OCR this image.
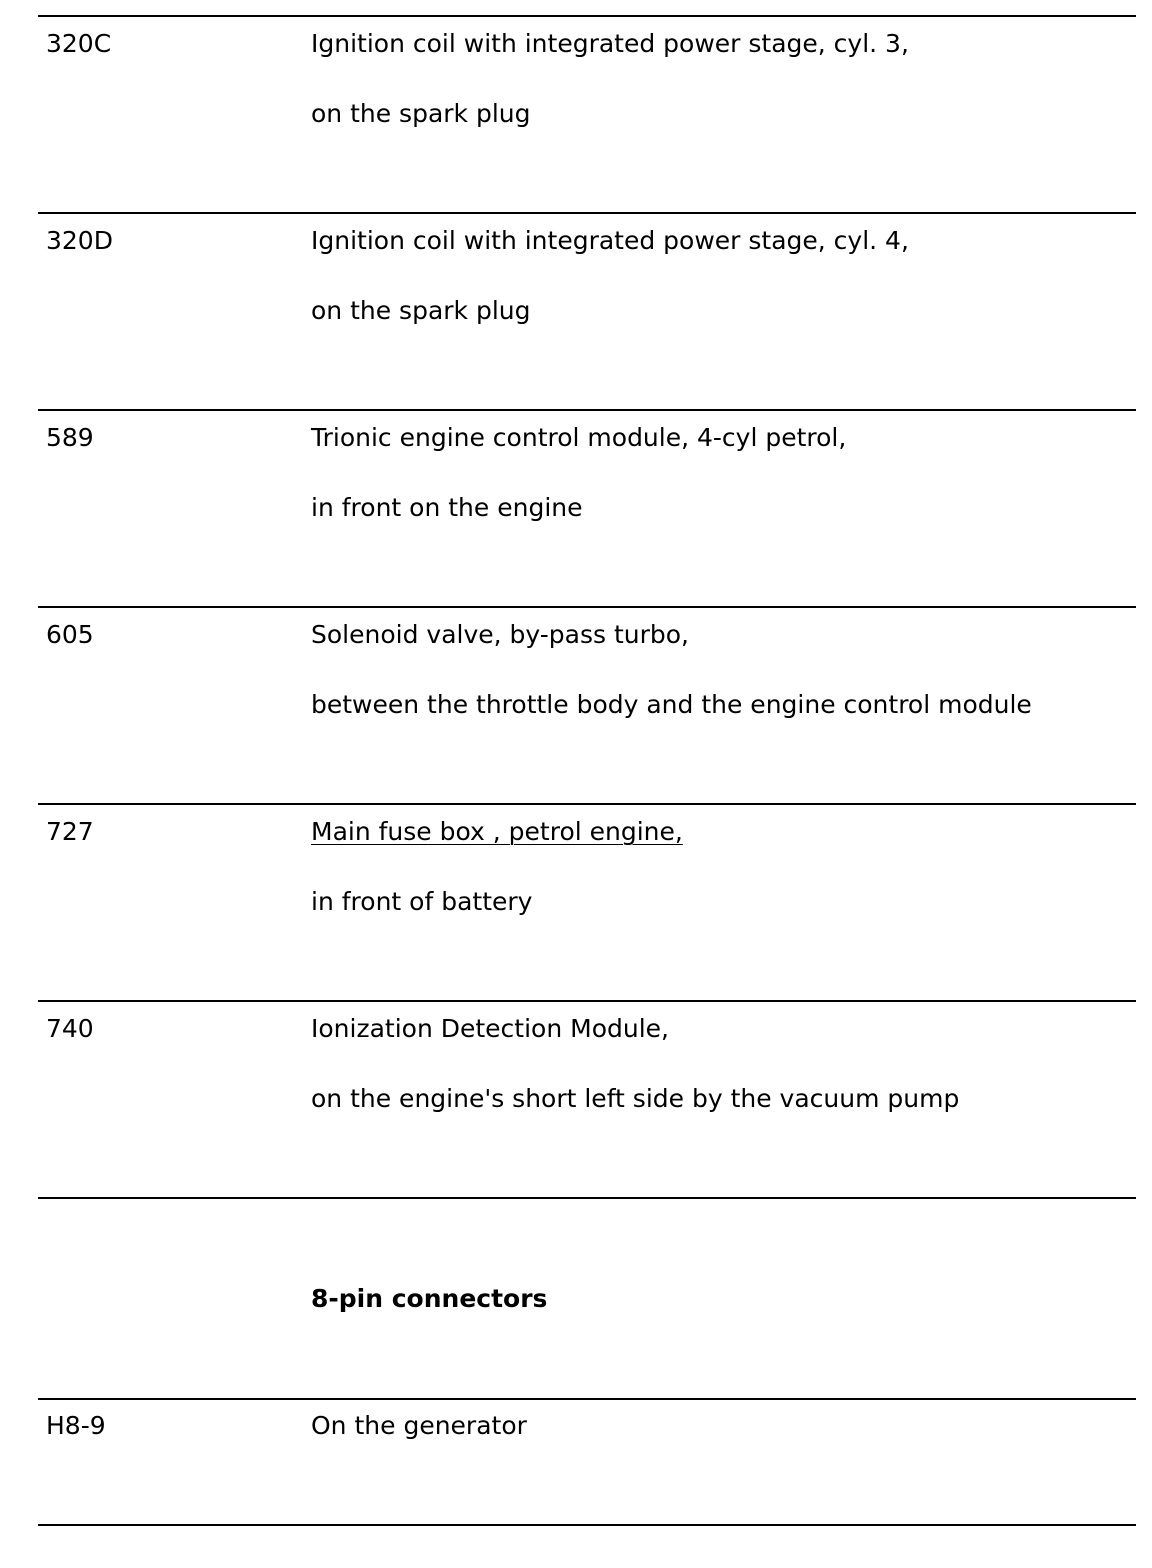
320C	Ignition coil with integrated power stage, cyl. 3,
on the spark plug
320D	Ignition coil with integrated power stage, cyl. 4,
on the spark plug
589	Trionic engine control module, 4-cyl petrol,
in front on the engine
605	Solenoid valve, by-pass turbo,
between the throttle body and the engine control module
727	Main fuse box , petrol engine,
in front of battery
740	Ionization Detection Module,
on the engine's short left side by the vacuum pump
8-pin connectors
H8-9	On the generator
